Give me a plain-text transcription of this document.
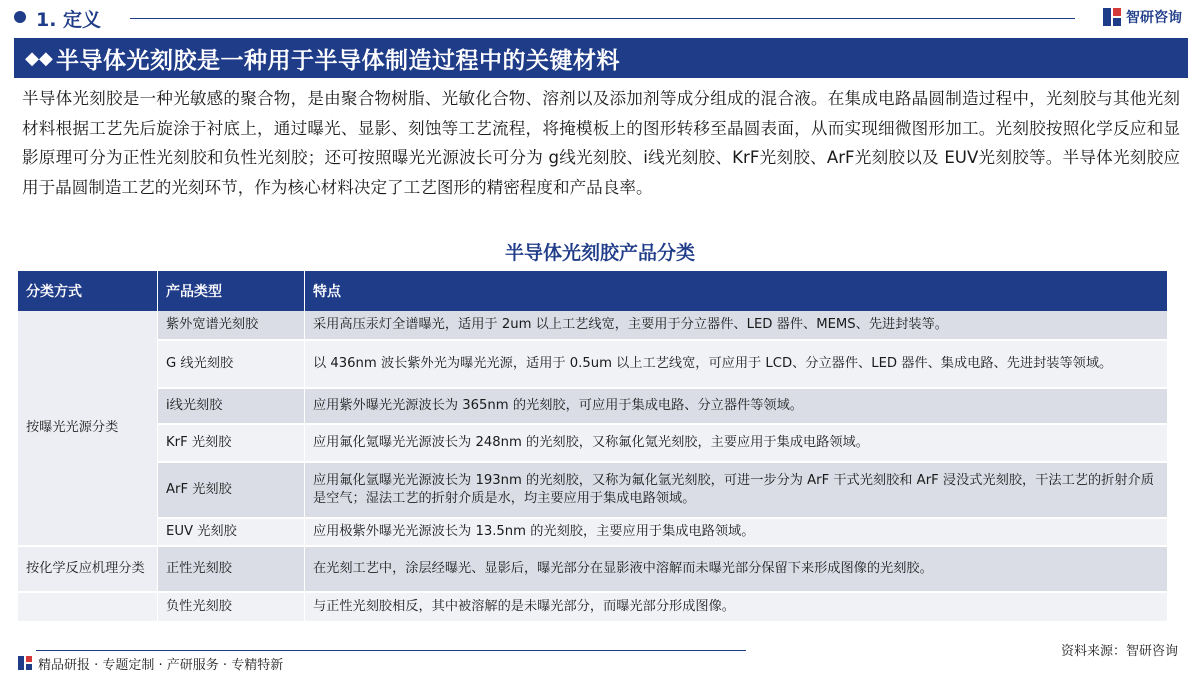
1. 定义	智研咨询
◆◆ 半导体光刻胶是一种用于半导体制造过程中的关键材料
半导体光刻胶是一种光敏感的聚合物，是由聚合物树脂、光敏化合物、溶剂以及添加剂等成分组成的混合液。在集成电路晶圆制造过程中，光刻胶与其他光刻材料根据工艺先后旋涂于衬底上，通过曝光、显影、刻蚀等工艺流程，将掩模板上的图形转移至晶圆表面，从而实现细微图形加工。光刻胶按照化学反应和显影原理可分为正性光刻胶和负性光刻胶；还可按照曝光光源波长可分为 g线光刻胶、i线光刻胶、KrF光刻胶、ArF光刻胶以及 EUV光刻胶等。半导体光刻胶应用于晶圆制造工艺的光刻环节，作为核心材料决定了工艺图形的精密程度和产品良率。
半导体光刻胶产品分类
分类方式	产品类型	特点
按曝光光源分类	紫外宽谱光刻胶	采用高压汞灯全谱曝光，适用于 2um 以上工艺线宽，主要用于分立器件、LED 器件、MEMS、先进封装等。
	G 线光刻胶	以 436nm 波长紫外光为曝光光源，适用于 0.5um 以上工艺线宽，可应用于 LCD、分立器件、LED 器件、集成电路、先进封装等领域。
	i线光刻胶	应用紫外曝光光源波长为 365nm 的光刻胶，可应用于集成电路、分立器件等领域。
	KrF 光刻胶	应用氟化氪曝光光源波长为 248nm 的光刻胶，又称氟化氪光刻胶，主要应用于集成电路领域。
	ArF 光刻胶	应用氟化氩曝光光源波长为 193nm 的光刻胶，又称为氟化氩光刻胶，可进一步分为 ArF 干式光刻胶和 ArF 浸没式光刻胶，干法工艺的折射介质是空气；湿法工艺的折射介质是水，均主要应用于集成电路领域。
	EUV 光刻胶	应用极紫外曝光光源波长为 13.5nm 的光刻胶，主要应用于集成电路领域。
按化学反应机理分类	正性光刻胶	在光刻工艺中，涂层经曝光、显影后，曝光部分在显影液中溶解而未曝光部分保留下来形成图像的光刻胶。
	负性光刻胶	与正性光刻胶相反，其中被溶解的是未曝光部分，而曝光部分形成图像。
资料来源：智研咨询
精品研报 · 专题定制 · 产研服务 · 专精特新
